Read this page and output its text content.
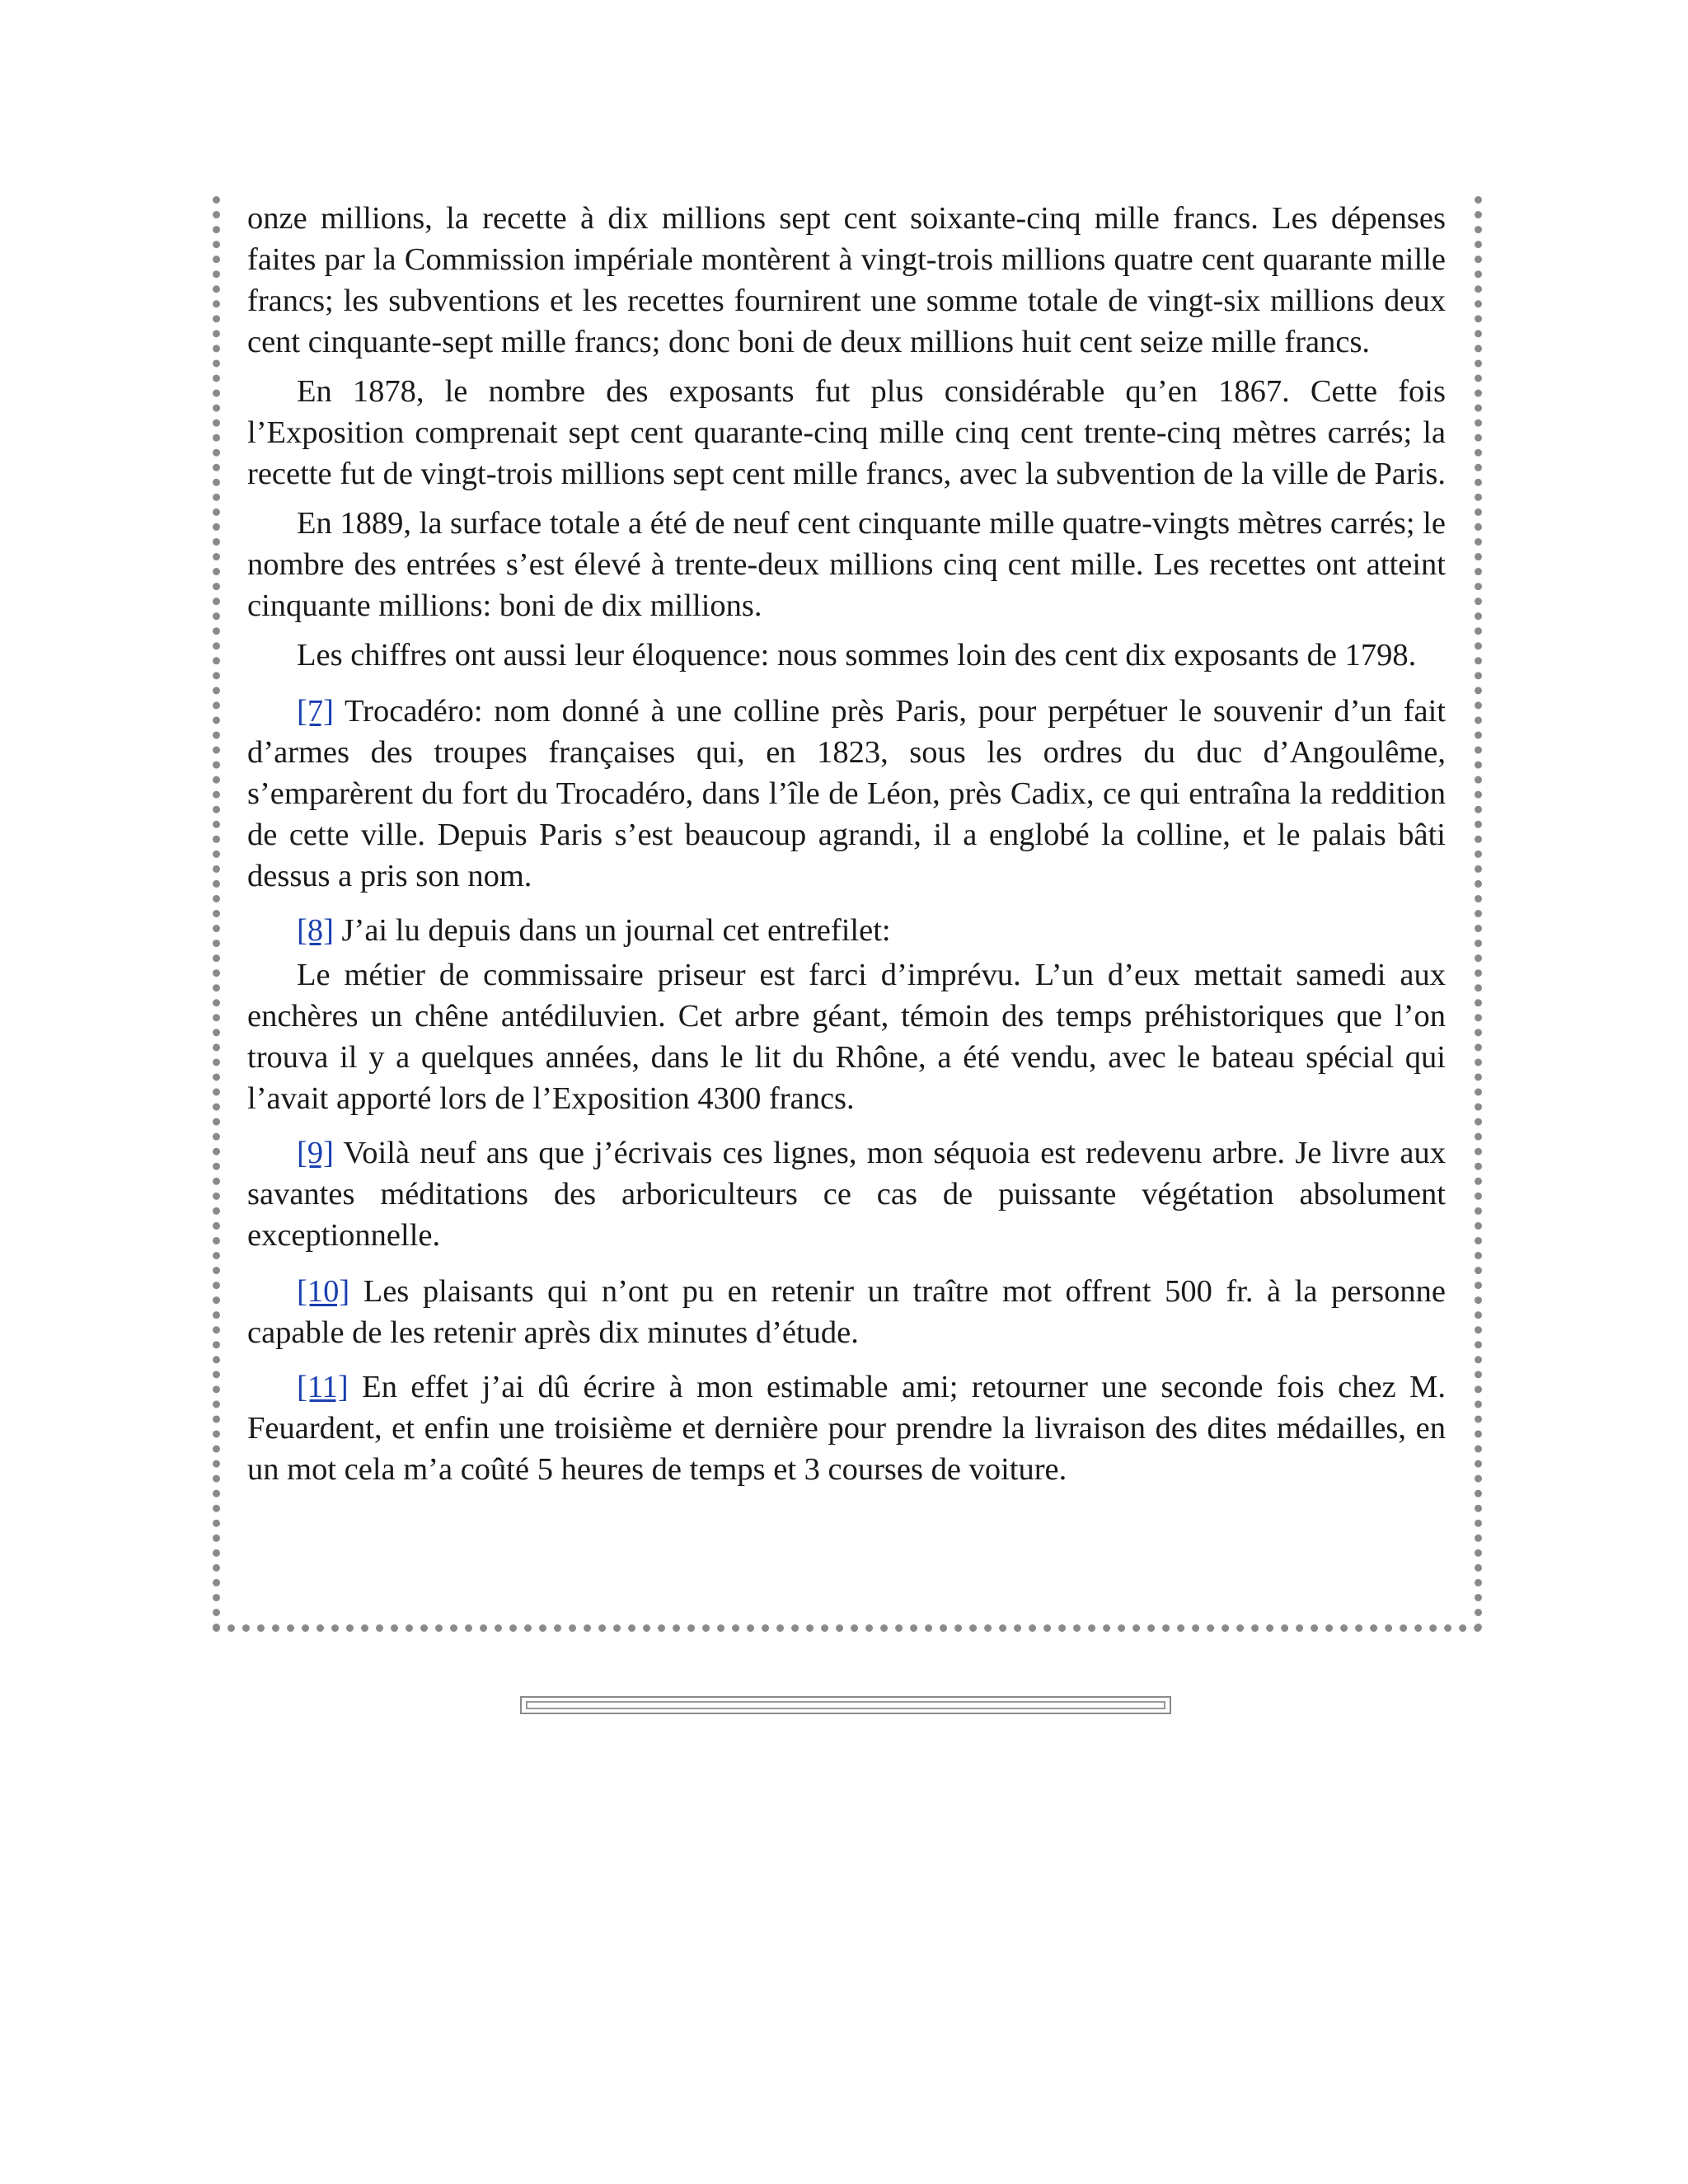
onze millions, la recette à dix millions sept cent soixante-cinq mille francs. Les dépenses faites par la Commission impériale montèrent à vingt-trois millions quatre cent quarante mille francs; les subventions et les recettes fournirent une somme totale de vingt-six millions deux cent cinquante-sept mille francs; donc boni de deux millions huit cent seize mille francs.

En 1878, le nombre des exposants fut plus considérable qu’en 1867. Cette fois l’Exposition comprenait sept cent quarante-cinq mille cinq cent trente-cinq mètres carrés; la recette fut de vingt-trois millions sept cent mille francs, avec la subvention de la ville de Paris.

En 1889, la surface totale a été de neuf cent cinquante mille quatre-vingts mètres carrés; le nombre des entrées s’est élevé à trente-deux millions cinq cent mille. Les recettes ont atteint cinquante millions: boni de dix millions.

Les chiffres ont aussi leur éloquence: nous sommes loin des cent dix exposants de 1798.

[7] Trocadéro: nom donné à une colline près Paris, pour perpétuer le souvenir d’un fait d’armes des troupes françaises qui, en 1823, sous les ordres du duc d’Angoulême, s’emparèrent du fort du Trocadéro, dans l’île de Léon, près Cadix, ce qui entraîna la reddition de cette ville. Depuis Paris s’est beaucoup agrandi, il a englobé la colline, et le palais bâti dessus a pris son nom.

[8] J’ai lu depuis dans un journal cet entrefilet:

Le métier de commissaire priseur est farci d’imprévu. L’un d’eux mettait samedi aux enchères un chêne antédiluvien. Cet arbre géant, témoin des temps préhistoriques que l’on trouva il y a quelques années, dans le lit du Rhône, a été vendu, avec le bateau spécial qui l’avait apporté lors de l’Exposition 4300 francs.

[9] Voilà neuf ans que j’écrivais ces lignes, mon séquoia est redevenu arbre. Je livre aux savantes méditations des arboriculteurs ce cas de puissante végétation absolument exceptionnelle.

[10] Les plaisants qui n’ont pu en retenir un traître mot offrent 500 fr. à la personne capable de les retenir après dix minutes d’étude.

[11] En effet j’ai dû écrire à mon estimable ami; retourner une seconde fois chez M. Feuardent, et enfin une troisième et dernière pour prendre la livraison des dites médailles, en un mot cela m’a coûté 5 heures de temps et 3 courses de voiture.
